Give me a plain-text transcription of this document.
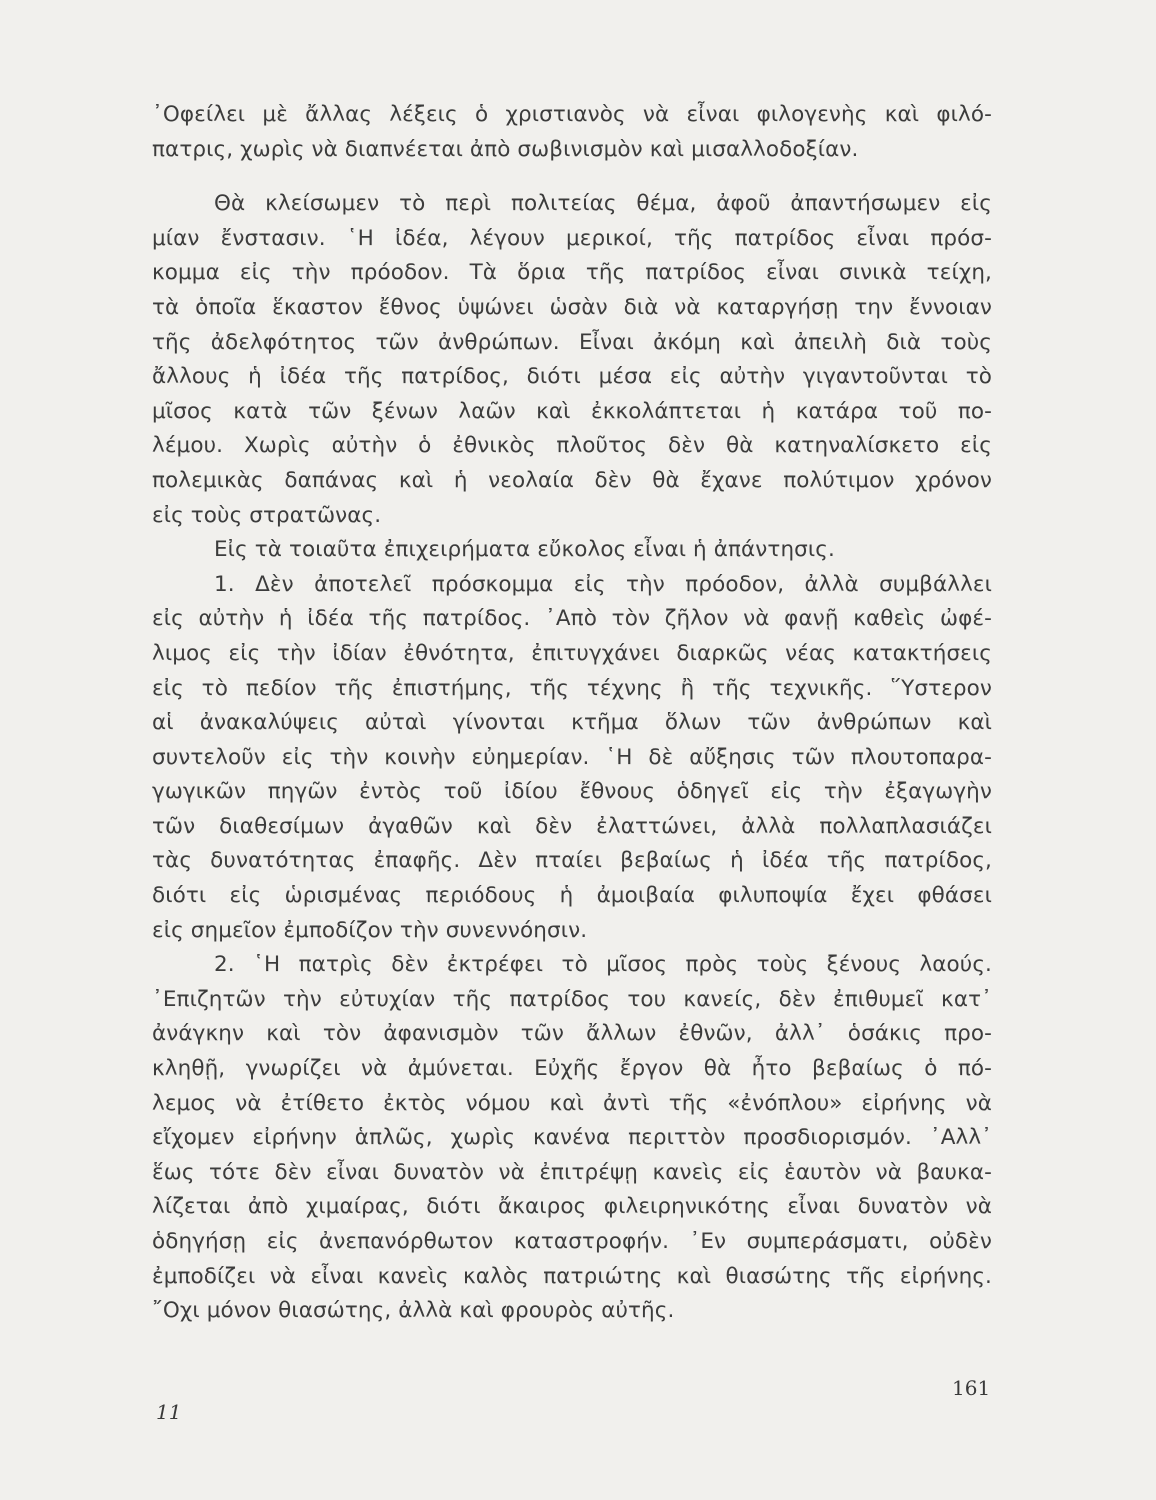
᾿Οφείλει μὲ ἄλλας λέξεις ὁ χριστιανὸς νὰ εἶναι φιλογενὴς καὶ φιλό-
πατρις, χωρὶς νὰ διαπνέεται ἀπὸ σωβινισμὸν καὶ μισαλλοδοξίαν.
Θὰ κλείσωμεν τὸ περὶ πολιτείας θέμα, ἀφοῦ ἀπαντήσωμεν εἰς
μίαν ἔνστασιν. ῾Η ἰδέα, λέγουν μερικοί, τῆς πατρίδος εἶναι πρόσ-
κομμα εἰς τὴν πρόοδον. Τὰ ὅρια τῆς πατρίδος εἶναι σινικὰ τείχη,
τὰ ὁποῖα ἕκαστον ἔθνος ὑψώνει ὡσὰν διὰ νὰ καταργήσῃ την ἔννοιαν
τῆς ἀδελφότητος τῶν ἀνθρώπων. Εἶναι ἀκόμη καὶ ἀπειλὴ διὰ τοὺς
ἄλλους ἡ ἰδέα τῆς πατρίδος, διότι μέσα εἰς αὐτὴν γιγαντοῦνται τὸ
μῖσος κατὰ τῶν ξένων λαῶν καὶ ἐκκολάπτεται ἡ κατάρα τοῦ πο-
λέμου. Χωρὶς αὐτὴν ὁ ἐθνικὸς πλοῦτος δὲν θὰ κατηναλίσκετο εἰς
πολεμικὰς δαπάνας καὶ ἡ νεολαία δὲν θὰ ἔχανε πολύτιμον χρόνον
εἰς τοὺς στρατῶνας.
Εἰς τὰ τοιαῦτα ἐπιχειρήματα εὔκολος εἶναι ἡ ἀπάντησις.
1. Δὲν ἀποτελεῖ πρόσκομμα εἰς τὴν πρόοδον, ἀλλὰ συμβάλλει
εἰς αὐτὴν ἡ ἰδέα τῆς πατρίδος. ᾿Απὸ τὸν ζῆλον νὰ φανῇ καθεὶς ὠφέ-
λιμος εἰς τὴν ἰδίαν ἐθνότητα, ἐπιτυγχάνει διαρκῶς νέας κατακτήσεις
εἰς τὸ πεδίον τῆς ἐπιστήμης, τῆς τέχνης ἢ τῆς τεχνικῆς. ῞Υστερον
αἱ ἀνακαλύψεις αὐταὶ γίνονται κτῆμα ὅλων τῶν ἀνθρώπων καὶ
συντελοῦν εἰς τὴν κοινὴν εὐημερίαν. ῾Η δὲ αὔξησις τῶν πλουτοπαρα-
γωγικῶν πηγῶν ἐντὸς τοῦ ἰδίου ἔθνους ὁδηγεῖ εἰς τὴν ἐξαγωγὴν
τῶν διαθεσίμων ἀγαθῶν καὶ δὲν ἐλαττώνει, ἀλλὰ πολλαπλασιάζει
τὰς δυνατότητας ἐπαφῆς. Δὲν πταίει βεβαίως ἡ ἰδέα τῆς πατρίδος,
διότι εἰς ὡρισμένας περιόδους ἡ ἀμοιβαία φιλυποψία ἔχει φθάσει
εἰς σημεῖον ἐμποδίζον τὴν συνεννόησιν.
2. ῾Η πατρὶς δὲν ἐκτρέφει τὸ μῖσος πρὸς τοὺς ξένους λαούς.
᾿Επιζητῶν τὴν εὐτυχίαν τῆς πατρίδος του κανείς, δὲν ἐπιθυμεῖ κατ᾿
ἀνάγκην καὶ τὸν ἀφανισμὸν τῶν ἄλλων ἐθνῶν, ἀλλ᾿ ὁσάκις προ-
κληθῇ, γνωρίζει νὰ ἀμύνεται. Εὐχῆς ἔργον θὰ ἦτο βεβαίως ὁ πό-
λεμος νὰ ἐτίθετο ἐκτὸς νόμου καὶ ἀντὶ τῆς «ἐνόπλου» εἰρήνης νὰ
εἴχομεν εἰρήνην ἁπλῶς, χωρὶς κανένα περιττὸν προσδιορισμόν. ᾿Αλλ᾿
ἕως τότε δὲν εἶναι δυνατὸν νὰ ἐπιτρέψῃ κανεὶς εἰς ἑαυτὸν νὰ βαυκα-
λίζεται ἀπὸ χιμαίρας, διότι ἄκαιρος φιλειρηνικότης εἶναι δυνατὸν νὰ
ὁδηγήσῃ εἰς ἀνεπανόρθωτον καταστροφήν. ᾿Εν συμπεράσματι, οὐδὲν
ἐμποδίζει νὰ εἶναι κανεὶς καλὸς πατριώτης καὶ θιασώτης τῆς εἰρήνης.
῎Οχι μόνον θιασώτης, ἀλλὰ καὶ φρουρὸς αὐτῆς.
161
11
